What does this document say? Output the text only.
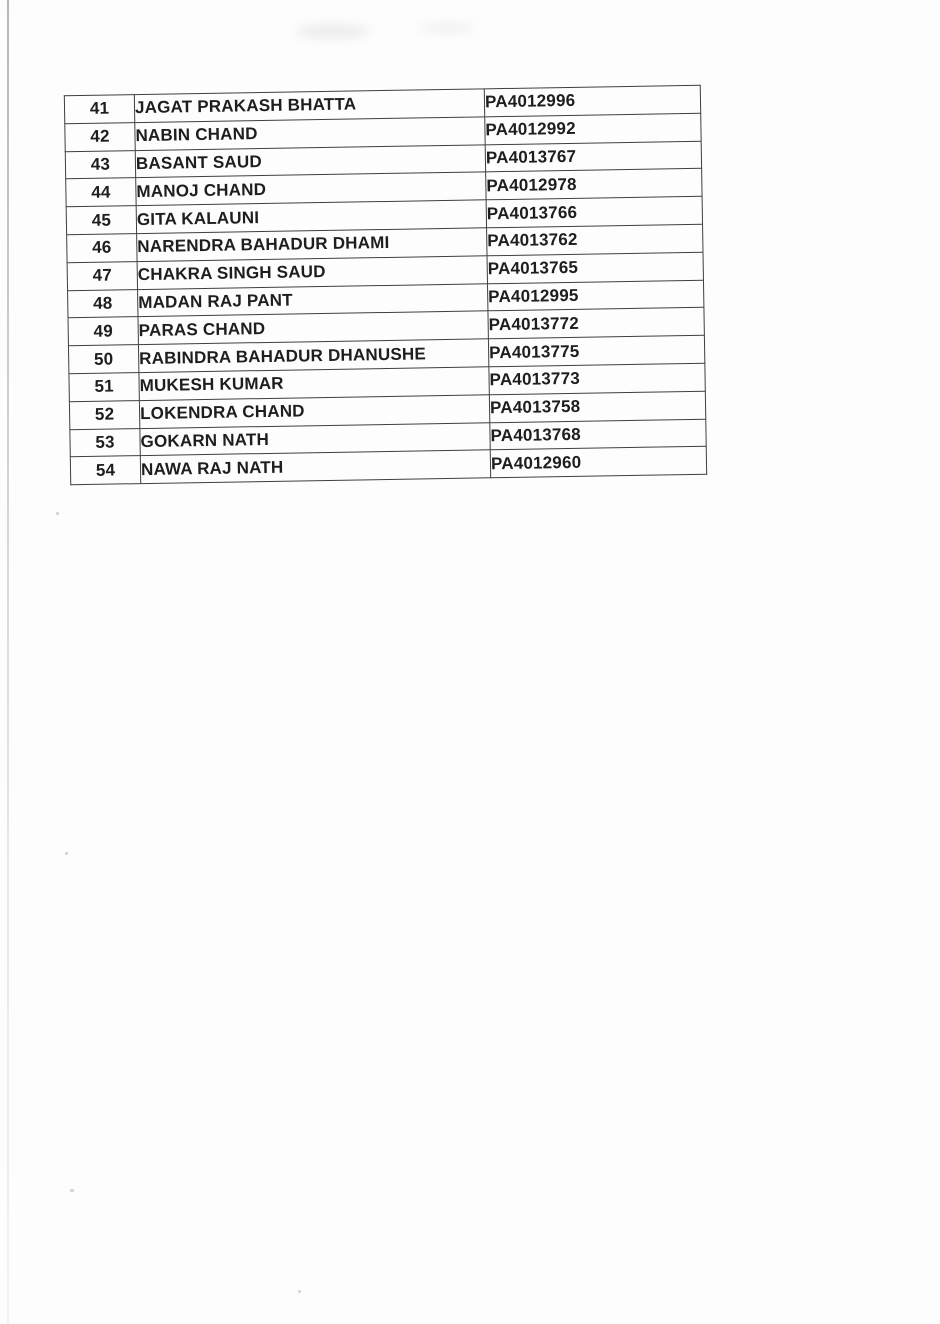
41	JAGAT PRAKASH BHATTA	PA4012996
42	NABIN CHAND	PA4012992
43	BASANT SAUD	PA4013767
44	MANOJ CHAND	PA4012978
45	GITA KALAUNI	PA4013766
46	NARENDRA BAHADUR DHAMI	PA4013762
47	CHAKRA SINGH SAUD	PA4013765
48	MADAN RAJ PANT	PA4012995
49	PARAS CHAND	PA4013772
50	RABINDRA BAHADUR DHANUSHE	PA4013775
51	MUKESH KUMAR	PA4013773
52	LOKENDRA CHAND	PA4013758
53	GOKARN NATH	PA4013768
54	NAWA RAJ NATH	PA4012960
